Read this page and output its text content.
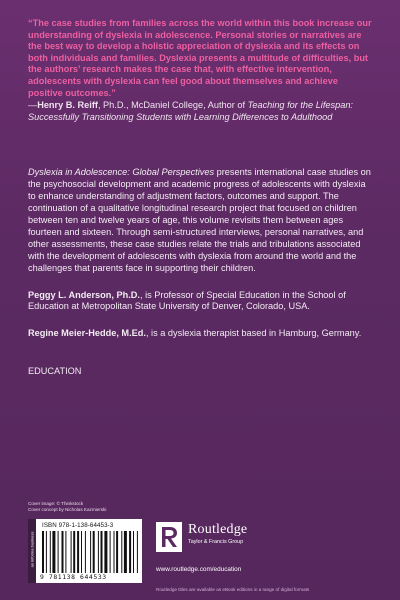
“The case studies from families across the world within this book increase our understanding of dyslexia in adolescence. Personal stories or narratives are the best way to develop a holistic appreciation of dyslexia and its effects on both individuals and families. Dyslexia presents a multitude of difficulties, but the authors’ research makes the case that, with effective intervention, adolescents with dyslexia can feel good about themselves and achieve positive outcomes.”

—Henry B. Reiff, Ph.D., McDaniel College, Author of Teaching for the Lifespan: Successfully Transitioning Students with Learning Differences to Adulthood

Dyslexia in Adolescence: Global Perspectives presents international case studies on the psychosocial development and academic progress of adolescents with dyslexia to enhance understanding of adjustment factors, outcomes and support. The continuation of a qualitative longitudinal research project that focused on children between ten and twelve years of age, this volume revisits them between ages fourteen and sixteen. Through semi-structured interviews, personal narratives, and other assessments, these case studies relate the trials and tribulations associated with the development of adolescents with dyslexia from around the world and the challenges that parents face in supporting their children.

Peggy L. Anderson, Ph.D., is Professor of Special Education in the School of Education at Metropolitan State University of Denver, Colorado, USA.

Regine Meier-Hedde, M.Ed., is a dyslexia therapist based in Hamburg, Germany.

EDUCATION

Cover image: © Thinkstock
Cover concept by Nicholas Kazmierski
an informa business
ISBN 978-1-138-64453-3
9 781138 644533
Routledge
Taylor & Francis Group
www.routledge.com/education
Routledge titles are available as eBook editions in a range of digital formats
